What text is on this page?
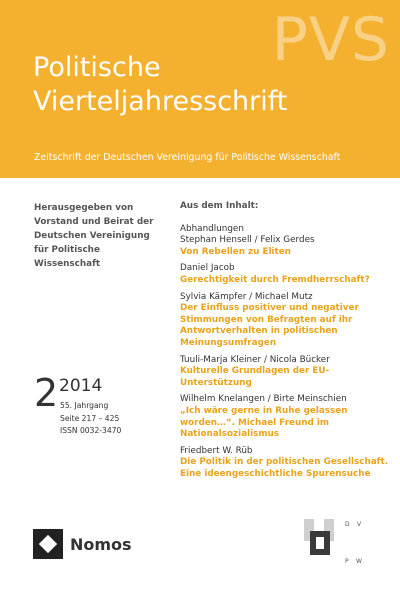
PVS
Politische
Vierteljahresschrift
Zeitschrift der Deutschen Vereinigung für Politische Wissenschaft
Herausgegeben von Vorstand und Beirat der Deutschen Vereinigung für Politische Wissenschaft
2 2014
55. Jahrgang
Seite 217 – 425
ISSN 0032-3470
Aus dem Inhalt:
Abhandlungen
Stephan Hensell / Felix Gerdes
Von Rebellen zu Eliten
Daniel Jacob
Gerechtigkeit durch Fremdherrschaft?
Sylvia Kämpfer / Michael Mutz
Der Einfluss positiver und negativer Stimmungen von Befragten auf ihr Antwortverhalten in politischen Meinungsumfragen
Tuuli-Marja Kleiner / Nicola Bücker
Kulturelle Grundlagen der EU-Unterstützung
Wilhelm Knelangen / Birte Meinschien
„Ich wäre gerne in Ruhe gelassen worden…“. Michael Freund im Nationalsozialismus
Friedbert W. Rüb
Die Politik in der politischen Gesellschaft. Eine ideengeschichtliche Spurensuche
Nomos
D V
P W
